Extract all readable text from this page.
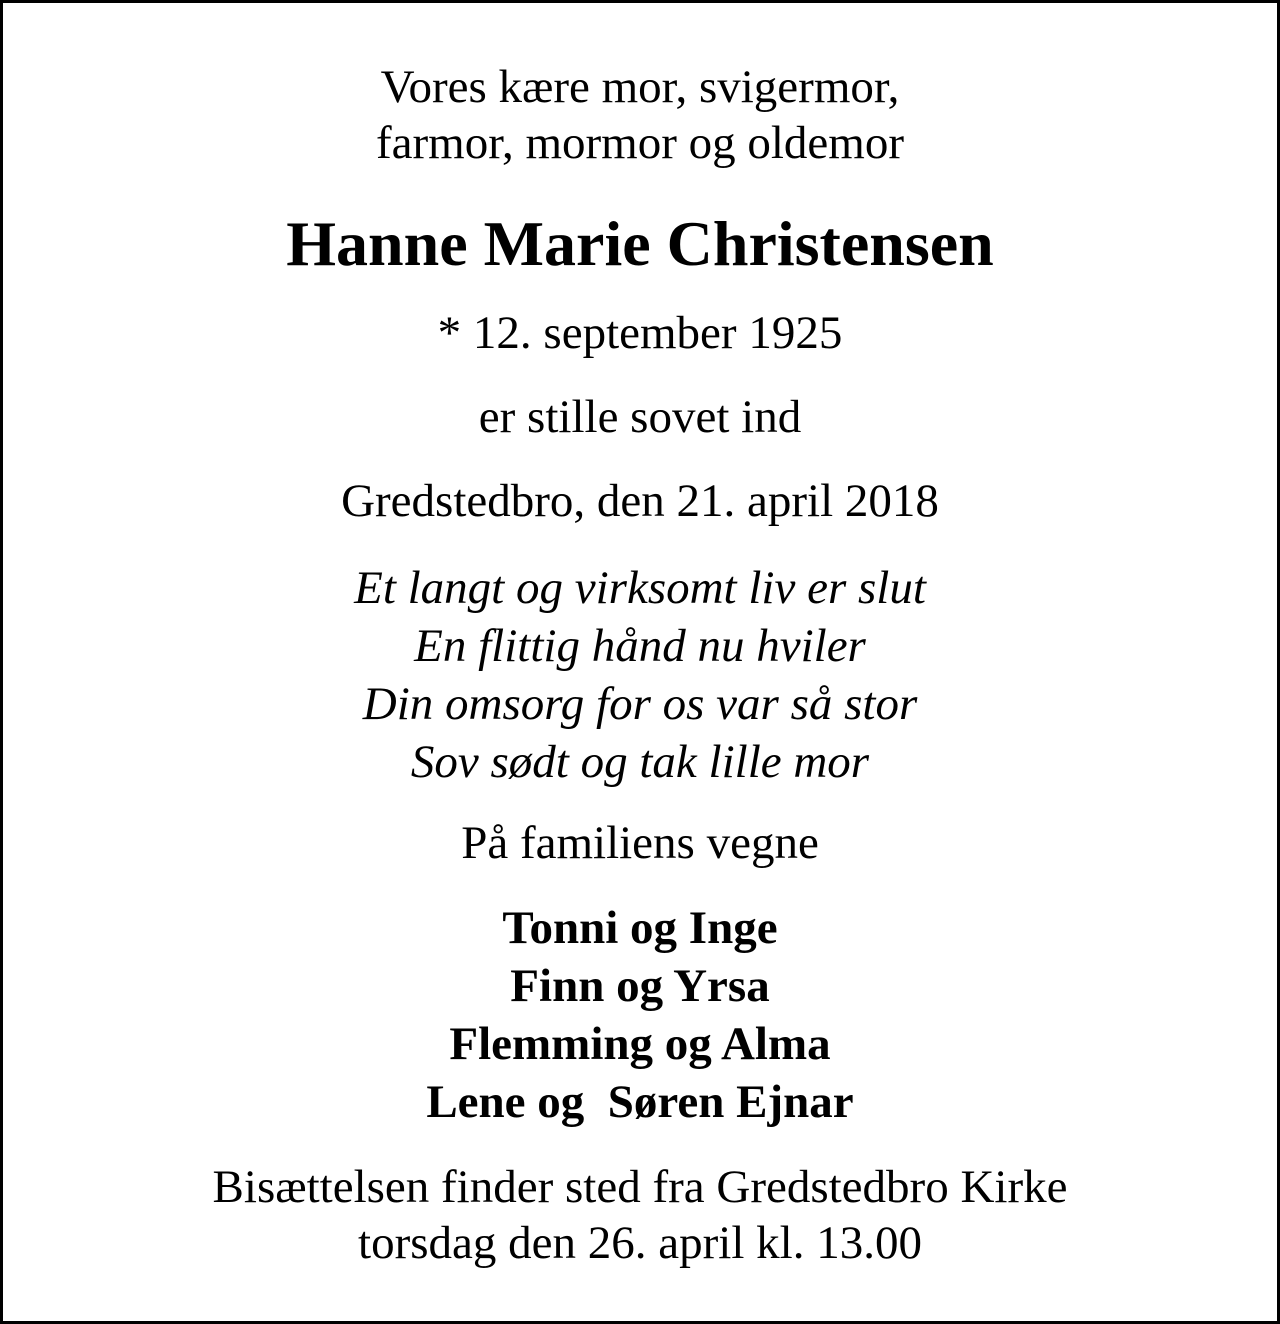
Vores kære mor, svigermor,
farmor, mormor og oldemor
Hanne Marie Christensen
* 12. september 1925
er stille sovet ind
Gredstedbro, den 21. april 2018
Et langt og virksomt liv er slut
En flittig hånd nu hviler
Din omsorg for os var så stor
Sov sødt og tak lille mor
På familiens vegne
Tonni og Inge
Finn og Yrsa
Flemming og Alma
Lene og  Søren Ejnar
Bisættelsen finder sted fra Gredstedbro Kirke
torsdag den 26. april kl. 13.00
